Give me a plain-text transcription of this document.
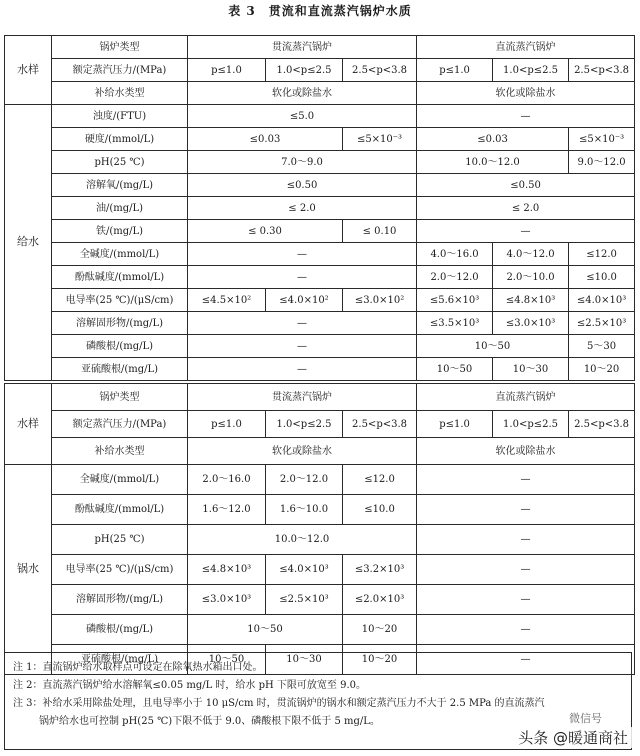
表 3　贯流和直流蒸汽锅炉水质
水样	锅炉类型	贯流蒸汽锅炉			直流蒸汽锅炉		
	额定蒸汽压力/(MPa)	p≤1.0	1.0<p≤2.5	2.5<p<3.8	p≤1.0	1.0<p≤2.5	2.5<p<3.8
	补给水类型	软化或除盐水			软化或除盐水		
给水	浊度/(FTU)	≤5.0			—		
	硬度/(mmol/L)	≤0.03		≤5×10⁻³	≤0.03		≤5×10⁻³
	pH(25 ℃)	7.0～9.0			10.0～12.0		9.0～12.0
	溶解氧/(mg/L)	≤0.50			≤0.50		
	油/(mg/L)	≤ 2.0			≤ 2.0		
	铁/(mg/L)	≤ 0.30		≤ 0.10	—		
	全碱度/(mmol/L)	—			4.0～16.0	4.0～12.0	≤12.0
	酚酞碱度/(mmol/L)	—			2.0～12.0	2.0～10.0	≤10.0
	电导率(25 ℃)/(μS/cm)	≤4.5×10²	≤4.0×10²	≤3.0×10²	≤5.6×10³	≤4.8×10³	≤4.0×10³
	溶解固形物/(mg/L)	—			≤3.5×10³	≤3.0×10³	≤2.5×10³
	磷酸根/(mg/L)	—			10～50		5～30
	亚硫酸根/(mg/L)	—			10～50	10～30	10～20
水样	锅炉类型	贯流蒸汽锅炉			直流蒸汽锅炉		
	额定蒸汽压力/(MPa)	p≤1.0	1.0<p≤2.5	2.5<p<3.8	p≤1.0	1.0<p≤2.5	2.5<p<3.8
	补给水类型	软化或除盐水			软化或除盐水		
锅水	全碱度/(mmol/L)	2.0～16.0	2.0～12.0	≤12.0	—		
	酚酞碱度/(mmol/L)	1.6～12.0	1.6～10.0	≤10.0	—		
	pH(25 ℃)	10.0～12.0			—		
	电导率(25 ℃)/(μS/cm)	≤4.8×10³	≤4.0×10³	≤3.2×10³	—		
	溶解固形物/(mg/L)	≤3.0×10³	≤2.5×10³	≤2.0×10³	—		
	磷酸根/(mg/L)	10～50		10～20	—		
	亚硫酸根/(mg/L)	10～50	10～30	10～20	—		
注 1：直流锅炉给水取样点可设定在除氧热水箱出口处。
注 2：直流蒸汽锅炉给水溶解氧≤0.05 mg/L 时，给水 pH 下限可放宽至 9.0。
注 3：补给水采用除盐处理，且电导率小于 10 μS/cm 时，贯流锅炉的锅水和额定蒸汽压力不大于 2.5 MPa 的直流蒸汽
锅炉给水也可控制 pH(25 ℃)下限不低于 9.0、磷酸根下限不低于 5 mg/L。	微信号
头条 @暖通商社
